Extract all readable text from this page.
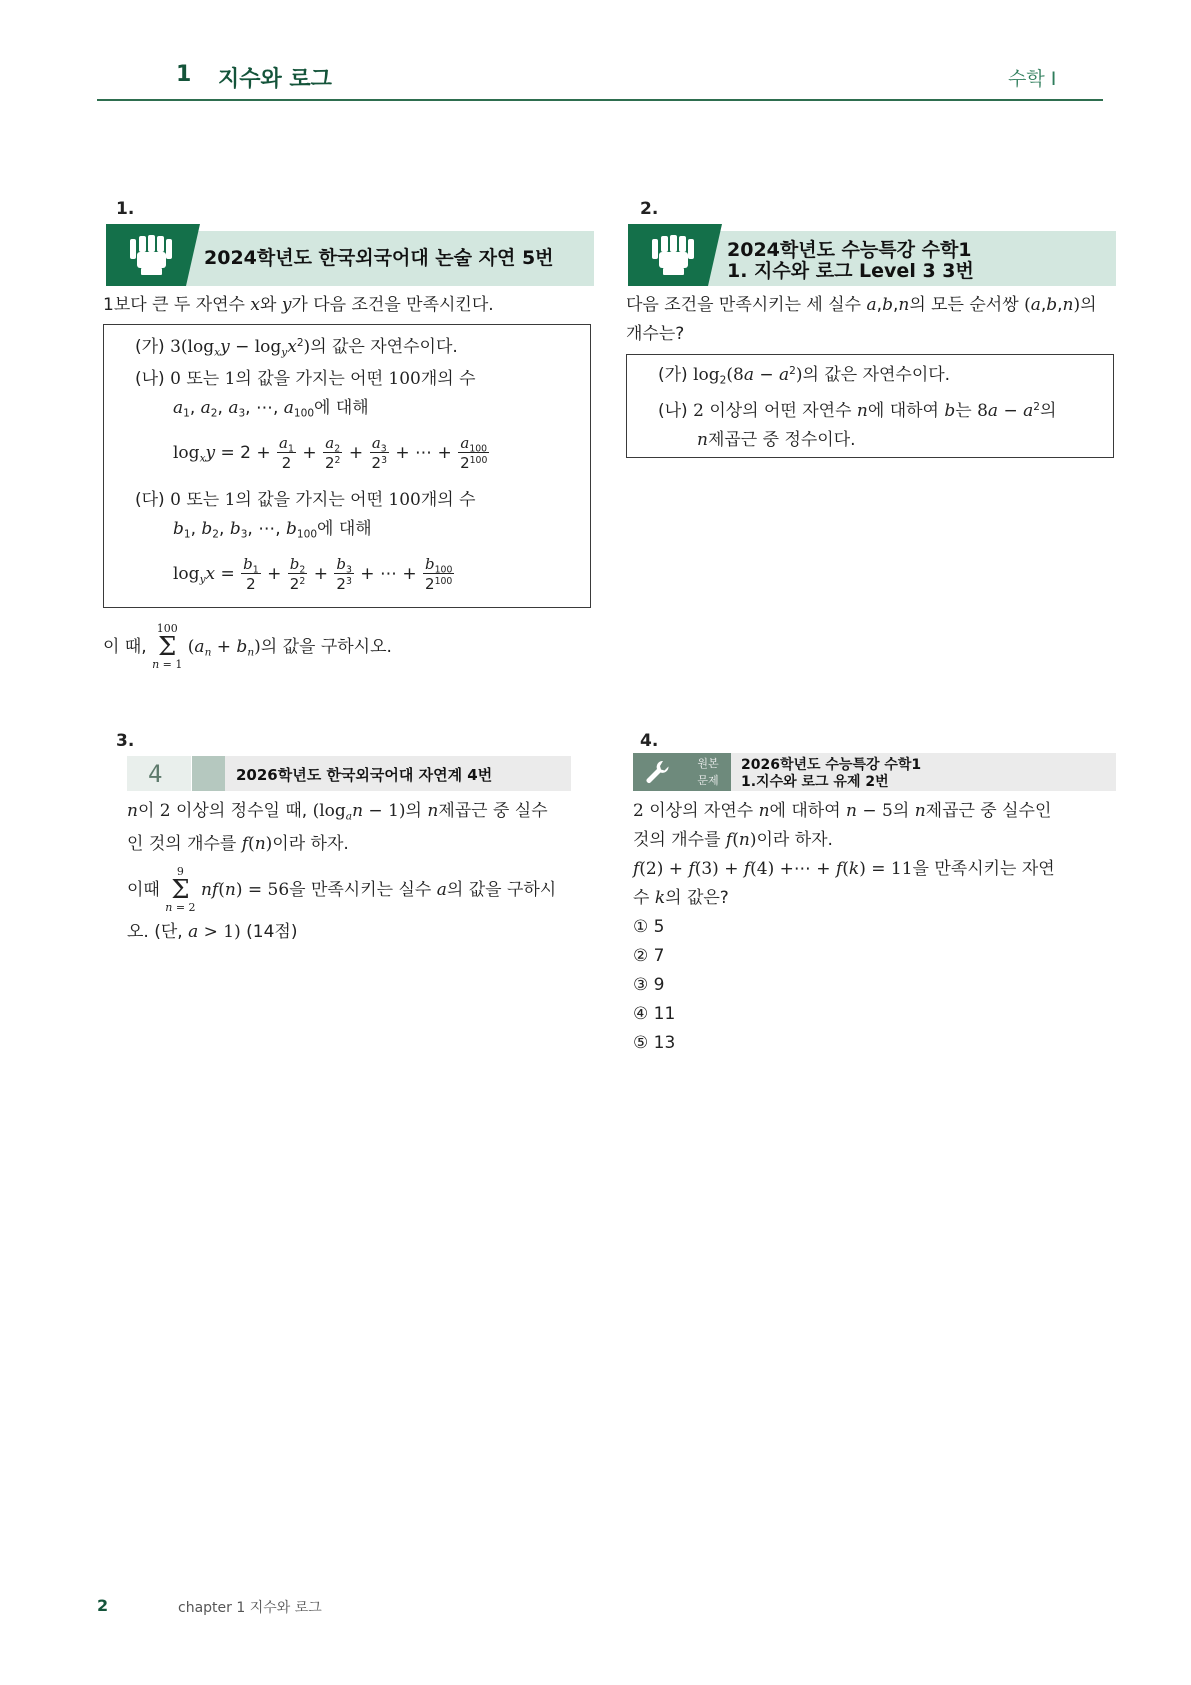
1 지수와 로그	수학 I
1.
2024학년도 한국외국어대 논술 자연 5번
1보다 큰 두 자연수 x와 y가 다음 조건을 만족시킨다.
(가) $3(\log_xy - \log_yx^2)$의 값은 자연수이다.
(나) 0 또는 1의 값을 가지는 어떤 100개의 수
$a_1$, $a_2$, $a_3$, ⋯, $a_{100}$에 대해
$\log_xy = 2 + \frac{a_1}{2} + \frac{a_2}{2^2} + \frac{a_3}{2^3}$ + ⋯ + $\frac{a_{100}}{2^{100}}$
(다) 0 또는 1의 값을 가지는 어떤 100개의 수
$b_1$, $b_2$, $b_3$, ⋯, $b_{100}$에 대해
$\log_yx = \frac{b_1}{2} + \frac{b_2}{2^2} + \frac{b_3}{2^3}$ + ⋯ + $\frac{b_{100}}{2^{100}}$
이 때,
100
Σ
n = 1
$(a_n + b_n)$의 값을 구하시오.
2.
2024학년도 수능특강 수학1
1. 지수와 로그 Level 3 3번
다음 조건을 만족시키는 세 실수 a,b,n의 모든 순서쌍 (a,b,n)의
개수는?
(가) $\log_2(8a - a^2)$의 값은 자연수이다.
(나) 2 이상의 어떤 자연수 n에 대하여 b는 $8a - a^2$의
n제곱근 중 정수이다.
3.
4	2026학년도 한국외국어대 자연계 4번
n이 2 이상의 정수일 때, $(\log_an - 1)$의 n제곱근 중 실수
인 것의 개수를 f(n)이라 하자.
이때
9
Σ
n = 2
nf(n) = 56을 만족시키는 실수 a의 값을 구하시
오. (단, a > 1) (14점)
4.
원본
문제
2026학년도 수능특강 수학1
1.지수와 로그 유제 2번
2 이상의 자연수 n에 대하여 n − 5의 n제곱근 중 실수인
것의 개수를 f(n)이라 하자.
f(2) + f(3) + f(4) +⋯ + f(k) = 11을 만족시키는 자연
수 k의 값은?
① 5
② 7
③ 9
④ 11
⑤ 13
2	chapter 1 지수와 로그
